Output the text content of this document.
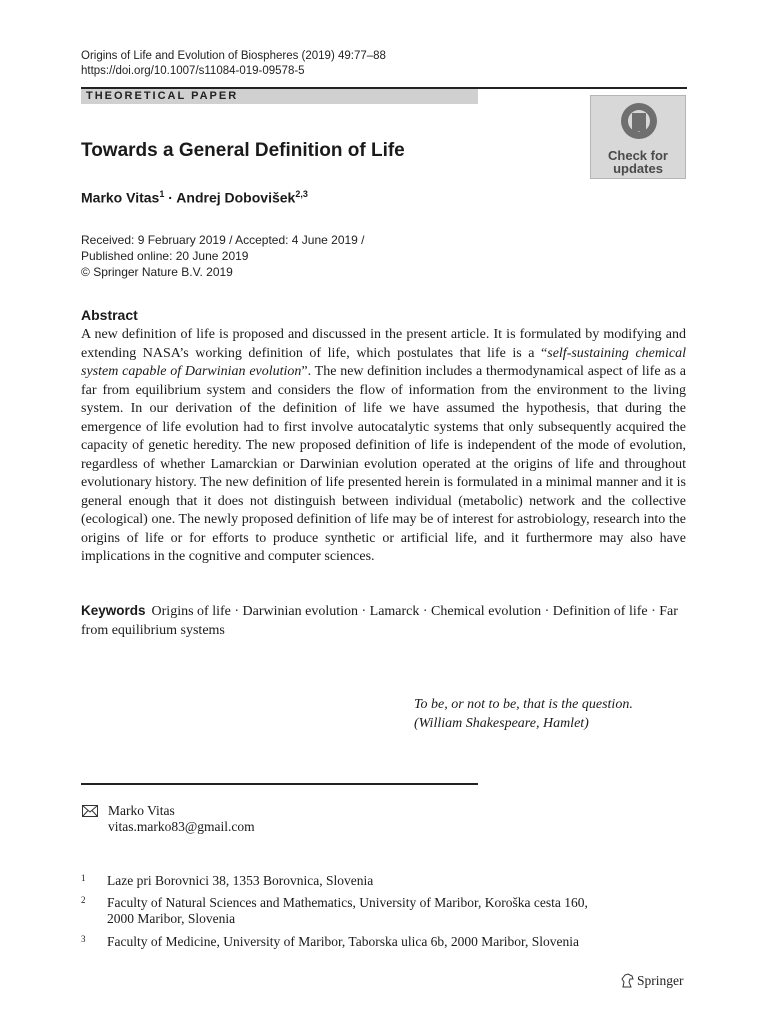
Origins of Life and Evolution of Biospheres (2019) 49:77–88
https://doi.org/10.1007/s11084-019-09578-5
THEORETICAL PAPER
Check for
updates
Towards a General Definition of Life
Marko Vitas$^1$ · Andrej Dobovišek$^{2,3}$
Received: 9 February 2019 / Accepted: 4 June 2019 /
Published online: 20 June 2019
© Springer Nature B.V. 2019
Abstract
A new definition of life is proposed and discussed in the present article. It is formulated by modifying and extending NASA’s working definition of life, which postulates that life is a “self-sustaining chemical system capable of Darwinian evolution”. The new definition includes a thermodynamical aspect of life as a far from equilibrium system and considers the flow of information from the environment to the living system. In our derivation of the definition of life we have assumed the hypothesis, that during the emergence of life evolution had to first involve autocatalytic systems that only subsequently acquired the capacity of genetic heredity. The new proposed definition of life is independent of the mode of evolution, regardless of whether Lamarckian or Darwinian evolution operated at the origins of life and throughout evolutionary history. The new definition of life presented herein is formulated in a minimal manner and it is general enough that it does not distinguish between individual (metabolic) network and the collective (ecological) one. The newly proposed definition of life may be of interest for astrobiology, research into the origins of life or for efforts to produce synthetic or artificial life, and it furthermore may also have implications in the cognitive and computer sciences.
Keywords Origins of life · Darwinian evolution · Lamarck · Chemical evolution · Definition of life · Far from equilibrium systems
To be, or not to be, that is the question.
(William Shakespeare, Hamlet)
Marko Vitas
vitas.marko83@gmail.com
1 Laze pri Borovnici 38, 1353 Borovnica, Slovenia
2 Faculty of Natural Sciences and Mathematics, University of Maribor, Koroška cesta 160,
2000 Maribor, Slovenia
3 Faculty of Medicine, University of Maribor, Taborska ulica 6b, 2000 Maribor, Slovenia
Springer
